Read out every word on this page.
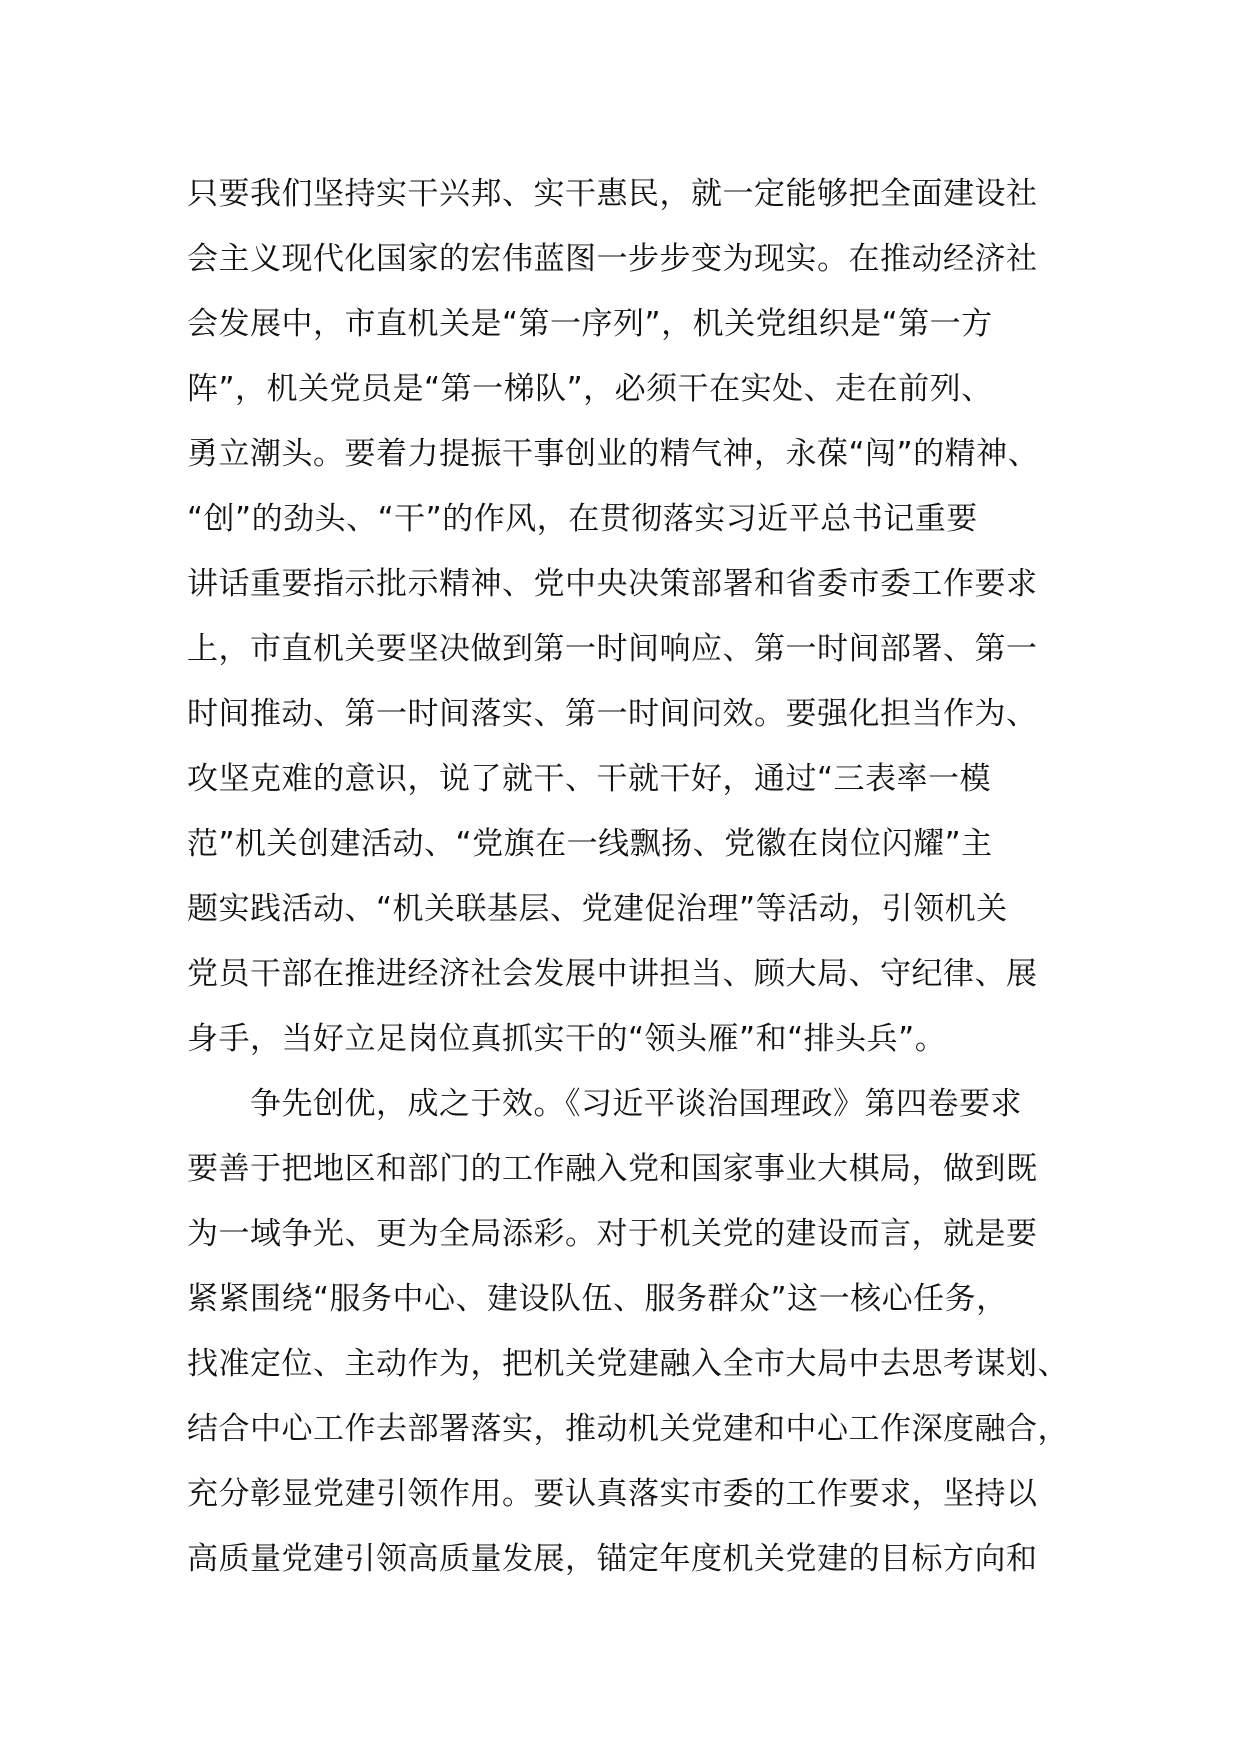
只要我们坚持实干兴邦、实干惠民，就一定能够把全面建设社
会主义现代化国家的宏伟蓝图一步步变为现实。在推动经济社
会发展中，市直机关是“第一序列”，机关党组织是“第一方
阵”，机关党员是“第一梯队”，必须干在实处、走在前列、
勇立潮头。要着力提振干事创业的精气神，永葆“闯”的精神、
“创”的劲头、“干”的作风，在贯彻落实习近平总书记重要
讲话重要指示批示精神、党中央决策部署和省委市委工作要求
上，市直机关要坚决做到第一时间响应、第一时间部署、第一
时间推动、第一时间落实、第一时间问效。要强化担当作为、
攻坚克难的意识，说了就干、干就干好，通过“三表率一模
范”机关创建活动、“党旗在一线飘扬、党徽在岗位闪耀”主
题实践活动、“机关联基层、党建促治理”等活动，引领机关
党员干部在推进经济社会发展中讲担当、顾大局、守纪律、展
身手，当好立足岗位真抓实干的“领头雁”和“排头兵”。
　　争先创优，成之于效。《习近平谈治国理政》第四卷要求
要善于把地区和部门的工作融入党和国家事业大棋局，做到既
为一域争光、更为全局添彩。对于机关党的建设而言，就是要
紧紧围绕“服务中心、建设队伍、服务群众”这一核心任务，
找准定位、主动作为，把机关党建融入全市大局中去思考谋划、
结合中心工作去部署落实，推动机关党建和中心工作深度融合，
充分彰显党建引领作用。要认真落实市委的工作要求，坚持以
高质量党建引领高质量发展，锚定年度机关党建的目标方向和
